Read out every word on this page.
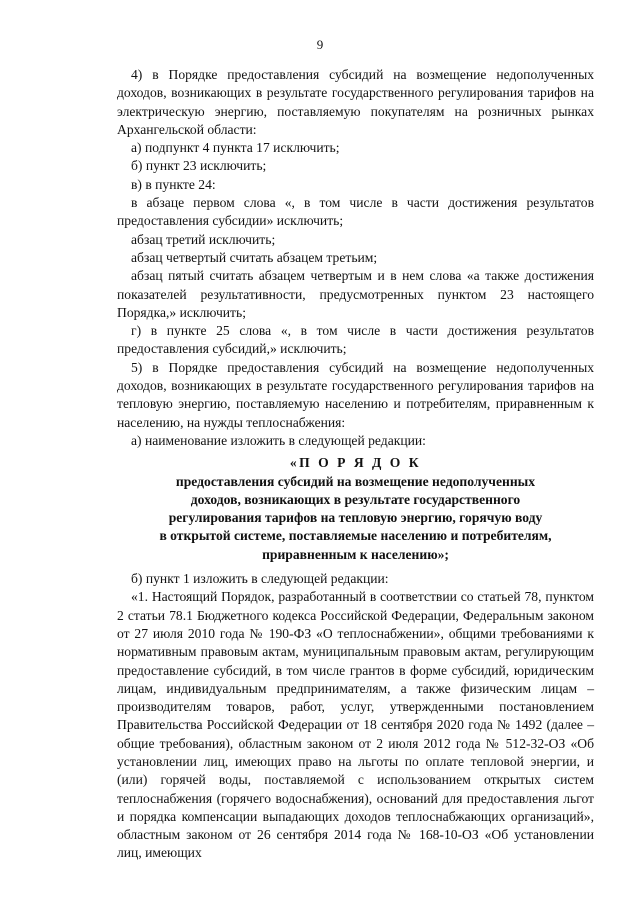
9

4) в Порядке предоставления субсидий на возмещение недополученных доходов, возникающих в результате государственного регулирования тарифов на электрическую энергию, поставляемую покупателям на розничных рынках Архангельской области:

а) подпункт 4 пункта 17 исключить;

б) пункт 23 исключить;

в) в пункте 24:

в абзаце первом слова «, в том числе в части достижения результатов предоставления субсидии» исключить;

абзац третий исключить;

абзац четвертый считать абзацем третьим;

абзац пятый считать абзацем четвертым и в нем слова «а также достижения показателей результативности, предусмотренных пунктом 23 настоящего Порядка,» исключить;

г) в пункте 25 слова «, в том числе в части достижения результатов предоставления субсидий,» исключить;

5) в Порядке предоставления субсидий на возмещение недополученных доходов, возникающих в результате государственного регулирования тарифов на тепловую энергию, поставляемую населению и потребителям, приравненным к населению, на нужды теплоснабжения:

а) наименование изложить в следующей редакции:

«П О Р Я Д О К
предоставления субсидий на возмещение недополученных
доходов, возникающих в результате государственного
регулирования тарифов на тепловую энергию, горячую воду
в открытой системе, поставляемые населению и потребителям,
приравненным к населению»;

б) пункт 1 изложить в следующей редакции:

«1. Настоящий Порядок, разработанный в соответствии со статьей 78, пунктом 2 статьи 78.1 Бюджетного кодекса Российской Федерации, Федеральным законом от 27 июля 2010 года № 190-ФЗ «О теплоснабжении», общими требованиями к нормативным правовым актам, муниципальным правовым актам, регулирующим предоставление субсидий, в том числе грантов в форме субсидий, юридическим лицам, индивидуальным предпринимателям, а также физическим лицам – производителям товаров, работ, услуг, утвержденными постановлением Правительства Российской Федерации от 18 сентября 2020 года № 1492 (далее – общие требования), областным законом от 2 июля 2012 года № 512-32-ОЗ «Об установлении лиц, имеющих право на льготы по оплате тепловой энергии, и (или) горячей воды, поставляемой с использованием открытых систем теплоснабжения (горячего водоснабжения), оснований для предоставления льгот и порядка компенсации выпадающих доходов теплоснабжающих организаций», областным законом от 26 сентября 2014 года № 168-10-ОЗ «Об установлении лиц, имеющих
